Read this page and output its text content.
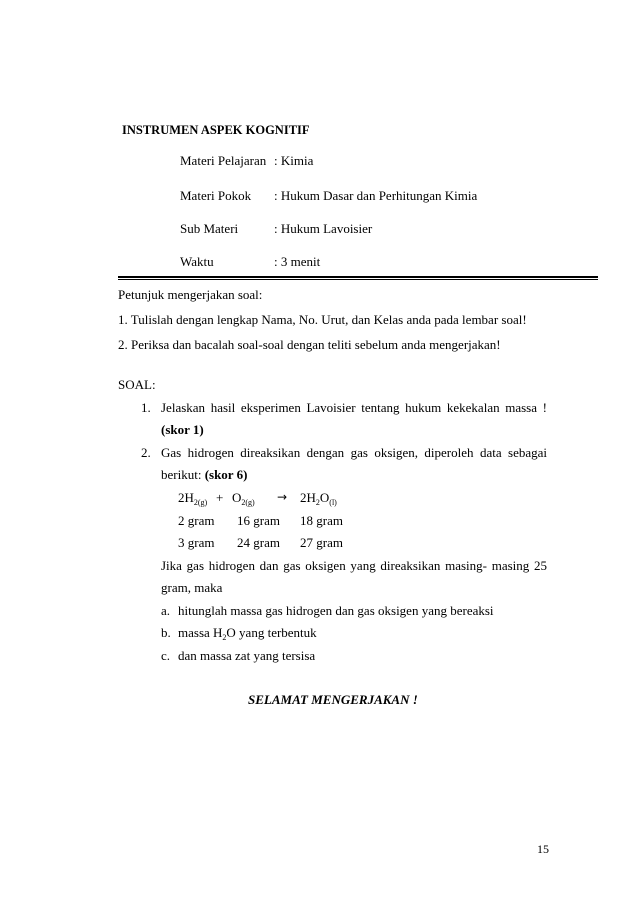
INSTRUMEN ASPEK KOGNITIF
Materi Pelajaran : Kimia
Materi Pokok : Hukum Dasar dan Perhitungan Kimia
Sub Materi	: Hukum Lavoisier
Waktu	: 3 menit
Petunjuk mengerjakan soal:
1. Tulislah dengan lengkap Nama, No. Urut, dan Kelas anda pada lembar soal!
2. Periksa dan bacalah soal-soal dengan teliti sebelum anda mengerjakan!
SOAL:
1. Jelaskan hasil eksperimen Lavoisier tentang hukum kekekalan massa !
(skor 1)
2. Gas hidrogen direaksikan dengan gas oksigen, diperoleh data sebagai
berikut: (skor 6)
$2H_{2(g)} + O_{2(g)} \to 2H_2O_{(l)}$
2 gram 16 gram 18 gram
3 gram 24 gram 27 gram
Jika gas hidrogen dan gas oksigen yang direaksikan masing- masing 25
gram, maka
a. hitunglah massa gas hidrogen dan gas oksigen yang bereaksi
b. massa $H_2O$ yang terbentuk
c. dan massa zat yang tersisa
SELAMAT MENGERJAKAN !
15
